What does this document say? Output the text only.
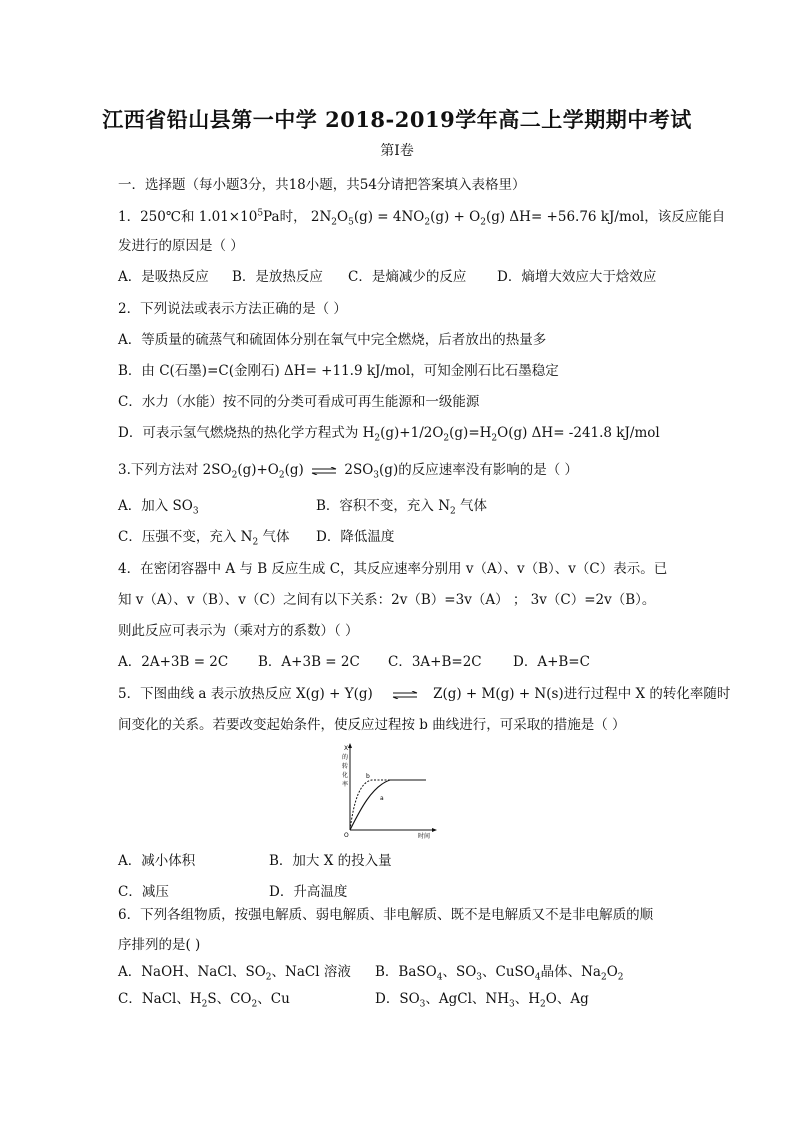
江西省铅山县第一中学 2018-2019学年高二上学期期中考试
第Ⅰ卷
一．选择题（每小题3分，共18小题，共54分请把答案填入表格里）
1．250℃和 $1.01\times 10^5Pa$时， $2N_2O_5(g) = 4NO_2(g) + O_2(g)$ ΔH= +56.76 kJ/mol，该反应能自
发进行的原因是（ ）
A．是吸热反应 B．是放热反应 C．是熵减少的反应 D．熵增大效应大于焓效应
2．下列说法或表示方法正确的是（ ）
A．等质量的硫蒸气和硫固体分别在氧气中完全燃烧，后者放出的热量多
B．由 C(石墨)=C(金刚石) ΔH= +11.9 kJ/mol，可知金刚石比石墨稳定
C．水力（水能）按不同的分类可看成可再生能源和一级能源
D．可表示氢气燃烧热的热化学方程式为 $H_2(g)+1/2O_2(g)=H_2O(g)$ ΔH= -241.8 kJ/mol
3.下列方法对 $2SO_2(g)+O_2(g)$ ⇌ $2SO_3(g)$的反应速率没有影响的是（ ）
A．加入 $SO_3$	B．容积不变，充入 $N_2$ 气体
C．压强不变，充入 $N_2$ 气体 D．降低温度
4．在密闭容器中 A 与 B 反应生成 C，其反应速率分别用 v（A）、v（B）、v（C）表示。已
知 v（A）、v（B）、v（C）之间有以下关系：2v（B）=3v（A） ； 3v（C）=2v（B）。
则此反应可表示为（乘对方的系数）（ ）
A．2A+3B = 2C B．A+3B = 2C C．3A+B=2C D．A+B=C
5．下图曲线 a 表示放热反应 X(g) + Y(g) ⇌ Z(g) + M(g) + N(s)进行过程中 X 的转化率随时
间变化的关系。若要改变起始条件，使反应过程按 b 曲线进行，可采取的措施是（ ）
X
的
转
化
率
O	时间
b
a
A．减小体积	B．加大 X 的投入量
C．减压	D．升高温度
6．下列各组物质，按强电解质、弱电解质、非电解质、既不是电解质又不是非电解质的顺
序排列的是( )
A．NaOH、NaCl、$SO_2$、NaCl 溶液 B．BaSO$_4$、$SO_3$、CuSO$_4$晶体、$Na_2O_2$
C．NaCl、$H_2S$、$CO_2$、Cu	D．$SO_3$、AgCl、$NH_3$、$H_2O$、Ag
